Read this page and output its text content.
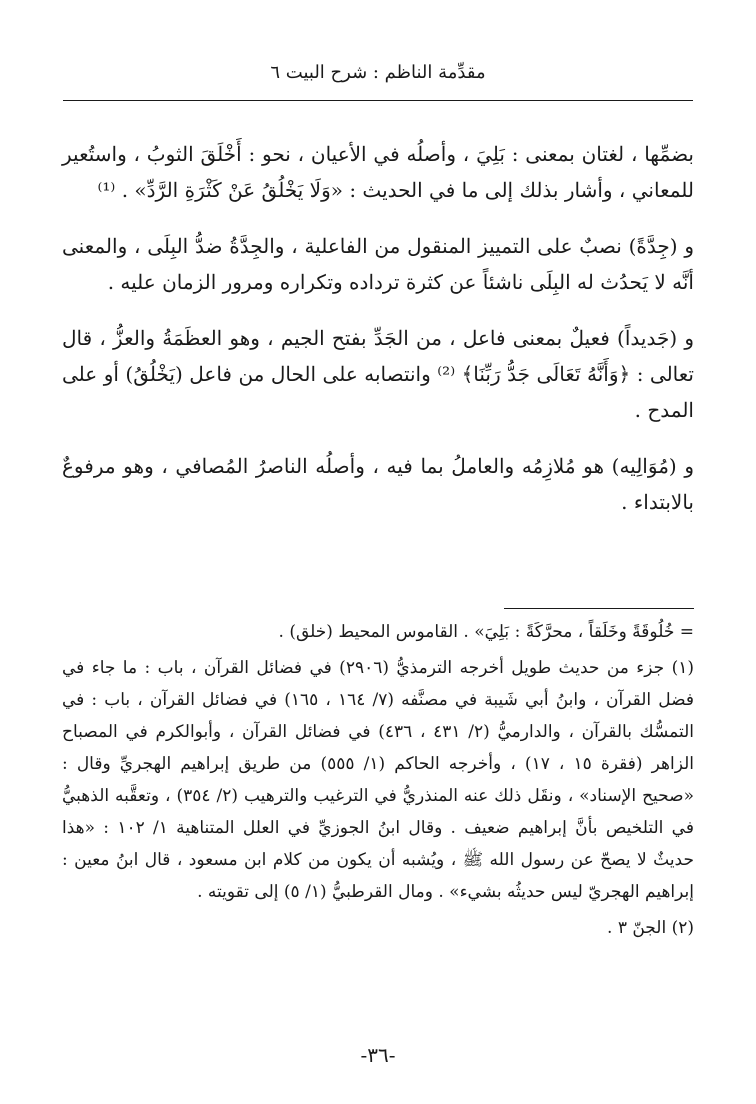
مقدِّمة الناظم : شرح البيت ٦

بضمِّها ، لغتان بمعنى : بَلِيَ ، وأصلُه في الأعيان ، نحو : أَخْلَقَ الثوبُ ، واستُعير للمعاني ، وأشار بذلك إلى ما في الحديث : «وَلَا يَخْلُقُ عَنْ كَثْرَةِ الرَّدِّ» . ⁽¹⁾

و (جِدَّةً) نصبٌ على التمييز المنقول من الفاعلية ، والجِدَّةُ ضدُّ البِلَى ، والمعنى أنَّه لا يَحدُث له البِلَى ناشئاً عن كثرة ترداده وتكراره ومرور الزمان عليه .

و (جَديداً) فعيلٌ بمعنى فاعل ، من الجَدِّ بفتح الجيم ، وهو العظَمَةُ والعزُّ ، قال تعالى : ﴿وَأَنَّهُ تَعَالَى جَدُّ رَبِّنَا﴾ ⁽²⁾ وانتصابه على الحال من فاعل (يَخْلُقُ) أو على المدح .

و (مُوَالِيه) هو مُلازِمُه والعاملُ بما فيه ، وأصلُه الناصرُ المُصافي ، وهو مرفوعٌ بالابتداء .

= خُلُوقَةً وخَلَقاً ، محرَّكَةً : بَلِيَ» . القاموس المحيط (خلق) .

(١) جزء من حديث طويل أخرجه الترمذيُّ (٢٩٠٦) في فضائل القرآن ، باب : ما جاء في فضل القرآن ، وابنُ أبي شَيبة في مصنَّفه (٧/ ١٦٤ ، ١٦٥) في فضائل القرآن ، باب : في التمسُّك بالقرآن ، والدارميُّ (٢/ ٤٣١ ، ٤٣٦) في فضائل القرآن ، وأبوالكرم في المصباح الزاهر (فقرة ١٥ ، ١٧) ، وأخرجه الحاكم (١/ ٥٥٥) من طريق إبراهيم الهجريِّ وقال : «صحيح الإسناد» ، ونقَل ذلك عنه المنذريُّ في الترغيب والترهيب (٢/ ٣٥٤) ، وتعقَّبه الذهبيُّ في التلخيص بأنَّ إبراهيم ضعيف . وقال ابنُ الجوزيِّ في العلل المتناهية ١/ ١٠٢ : «هذا حديثٌ لا يصحّ عن رسول الله ﷺ ، ويُشبه أن يكون من كلام ابن مسعود ، قال ابنُ معين : إبراهيم الهجريّ ليس حديثُه بشيء» . ومال القرطبيُّ (١/ ٥) إلى تقويته .

(٢) الجنّ ٣ .

-٣٦-
